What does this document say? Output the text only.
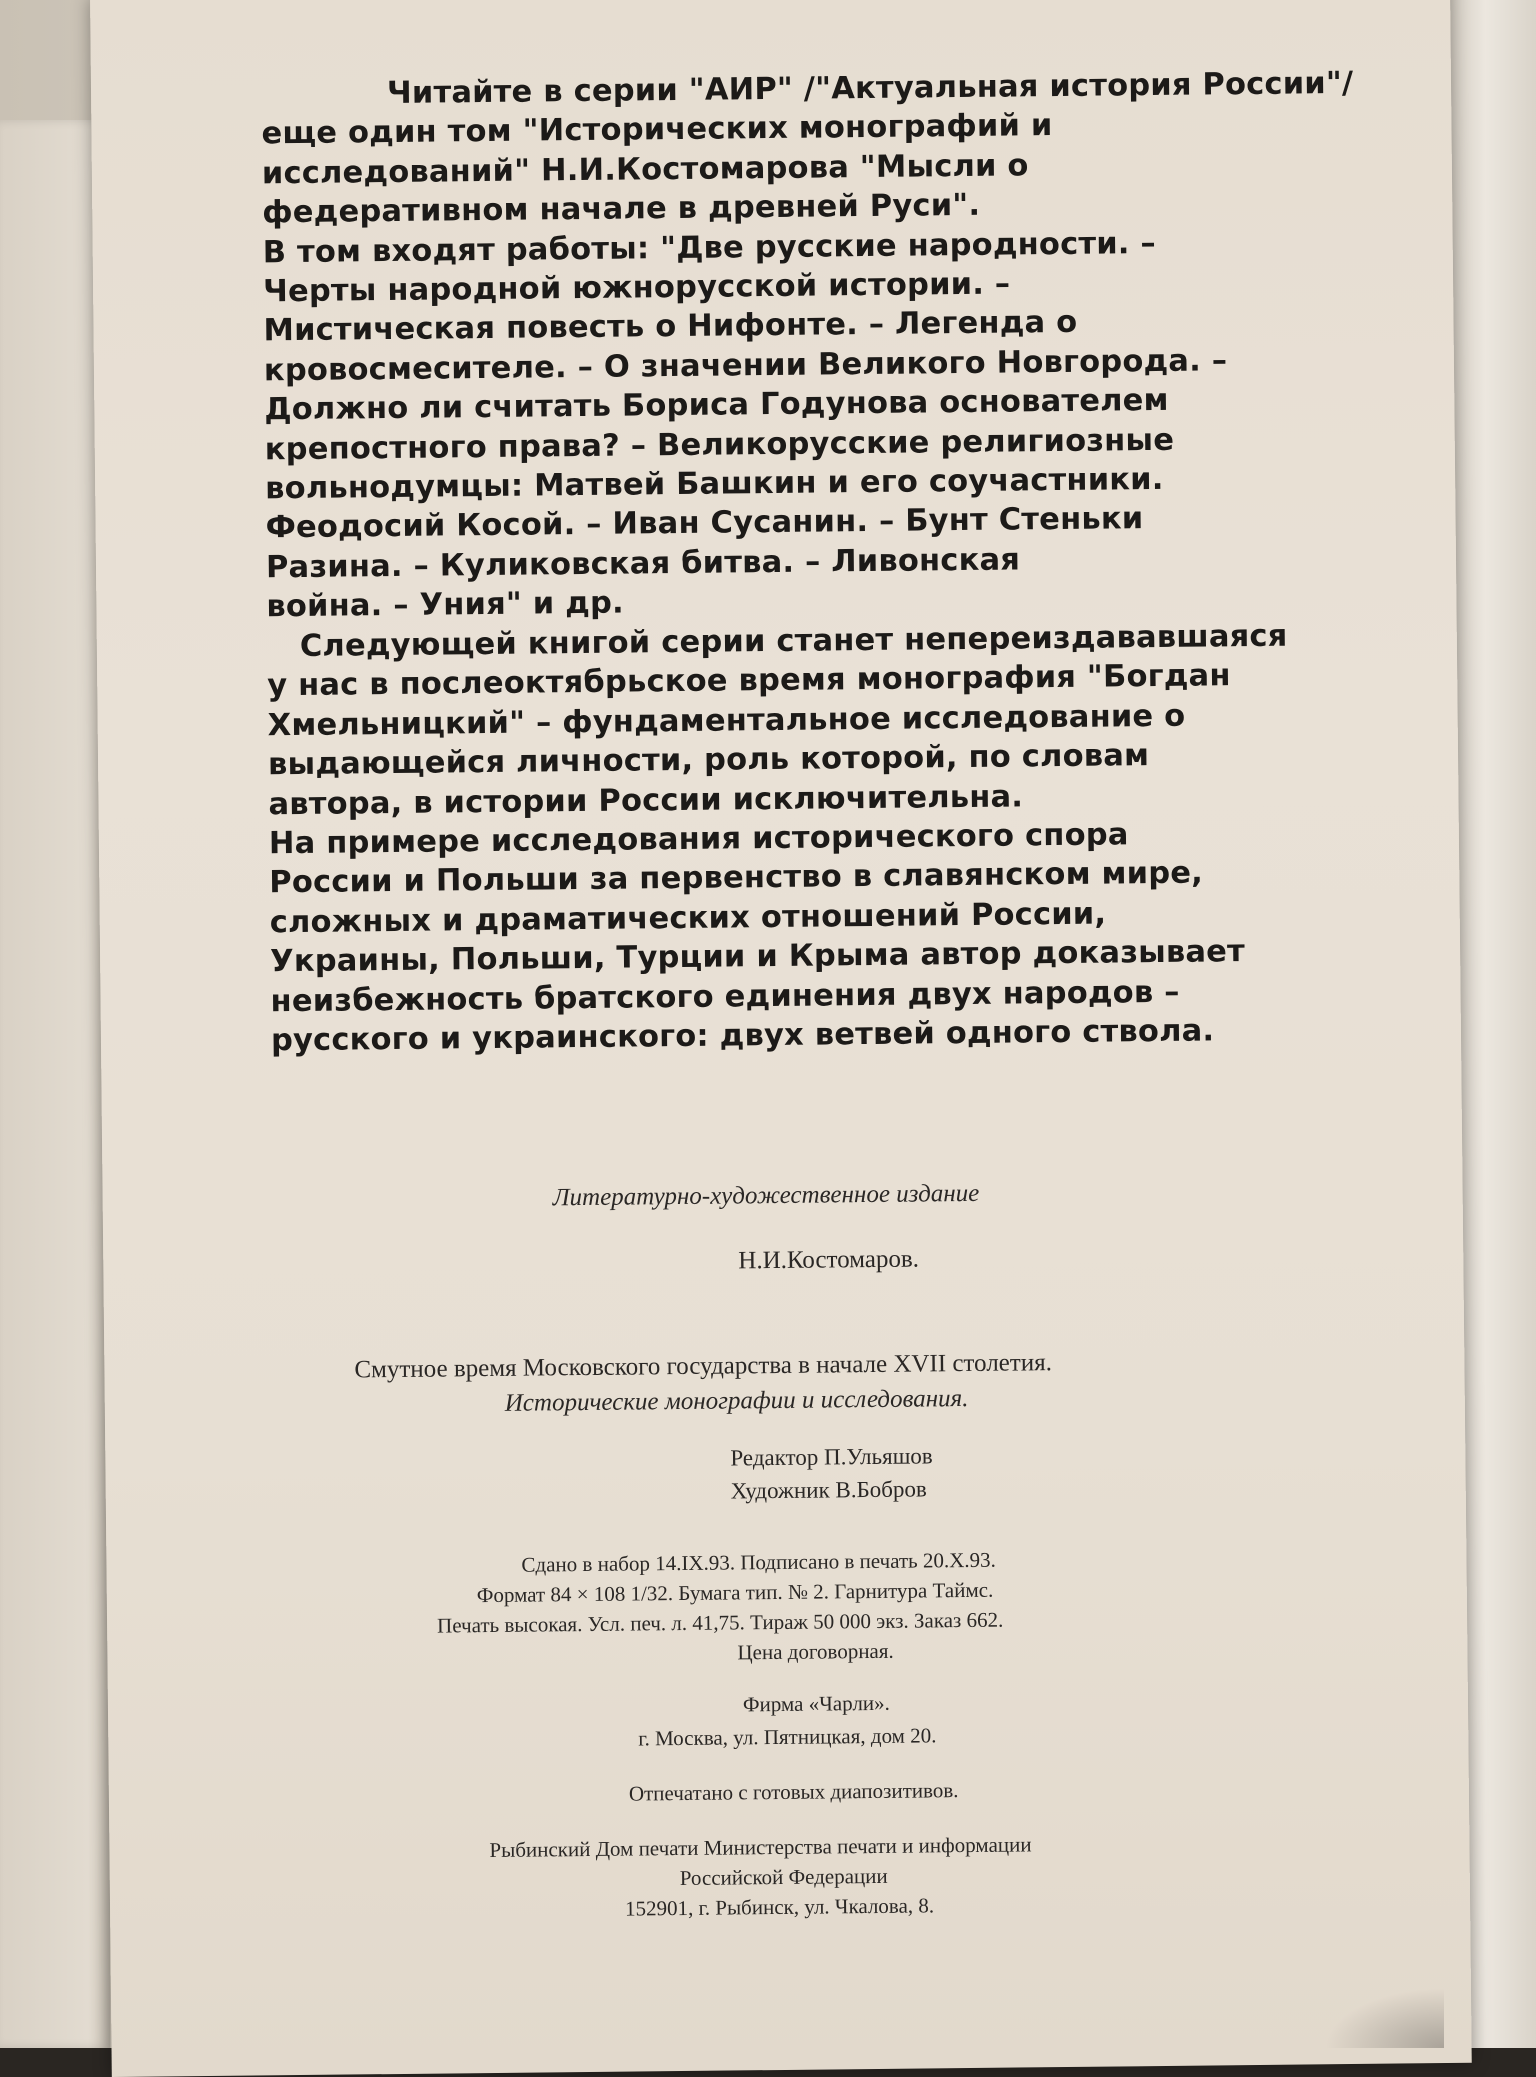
Читайте в серии "АИР" /"Актуальная история России"/
еще один том "Исторических монографий и
исследований" Н.И.Костомарова "Мысли о
федеративном начале в древней Руси".
В том входят работы: "Две русские народности. –
Черты народной южнорусской истории. –
Мистическая повесть о Нифонте. – Легенда о
кровосмесителе. – О значении Великого Новгорода. –
Должно ли считать Бориса Годунова основателем
крепостного права? – Великорусские религиозные
вольнодумцы: Матвей Башкин и его соучастники.
Феодосий Косой. – Иван Сусанин. – Бунт Стеньки
Разина. – Куликовская битва. – Ливонская
война. – Уния" и др.
Следующей книгой серии станет непереиздававшаяся
у нас в послеоктябрьское время монография "Богдан
Хмельницкий" – фундаментальное исследование о
выдающейся личности, роль которой, по словам
автора, в истории России исключительна.
На примере исследования исторического спора
России и Польши за первенство в славянском мире,
сложных и драматических отношений России,
Украины, Польши, Турции и Крыма автор доказывает
неизбежность братского единения двух народов –
русского и украинского: двух ветвей одного ствола.
Литературно-художественное издание
Н.И.Костомаров.
Смутное время Московского государства в начале XVII столетия.
Исторические монографии и исследования.
Редактор П.Ульяшов
Художник В.Бобров
Сдано в набор 14.IX.93. Подписано в печать 20.X.93.
Формат 84 × 108 1/32. Бумага тип. № 2. Гарнитура Таймс.
Печать высокая. Усл. печ. л. 41,75. Тираж 50 000 экз. Заказ 662.
Цена договорная.
Фирма «Чарли».
г. Москва, ул. Пятницкая, дом 20.
Отпечатано с готовых диапозитивов.
Рыбинский Дом печати Министерства печати и информации
Российской Федерации
152901, г. Рыбинск, ул. Чкалова, 8.
